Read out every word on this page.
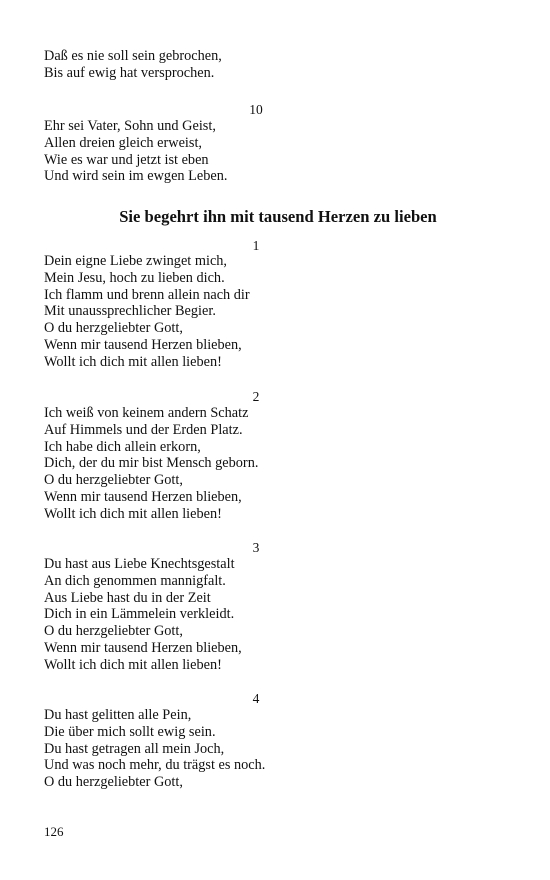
Daß es nie soll sein gebrochen,
Bis auf ewig hat versprochen.
10
Ehr sei Vater, Sohn und Geist,
Allen dreien gleich erweist,
Wie es war und jetzt ist eben
Und wird sein im ewgen Leben.
Sie begehrt ihn mit tausend Herzen zu lieben
1
Dein eigne Liebe zwinget mich,
Mein Jesu, hoch zu lieben dich.
Ich flamm und brenn allein nach dir
Mit unaussprechlicher Begier.
O du herzgeliebter Gott,
Wenn mir tausend Herzen blieben,
Wollt ich dich mit allen lieben!
2
Ich weiß von keinem andern Schatz
Auf Himmels und der Erden Platz.
Ich habe dich allein erkorn,
Dich, der du mir bist Mensch geborn.
O du herzgeliebter Gott,
Wenn mir tausend Herzen blieben,
Wollt ich dich mit allen lieben!
3
Du hast aus Liebe Knechtsgestalt
An dich genommen mannigfalt.
Aus Liebe hast du in der Zeit
Dich in ein Lämmelein verkleidt.
O du herzgeliebter Gott,
Wenn mir tausend Herzen blieben,
Wollt ich dich mit allen lieben!
4
Du hast gelitten alle Pein,
Die über mich sollt ewig sein.
Du hast getragen all mein Joch,
Und was noch mehr, du trägst es noch.
O du herzgeliebter Gott,
126
